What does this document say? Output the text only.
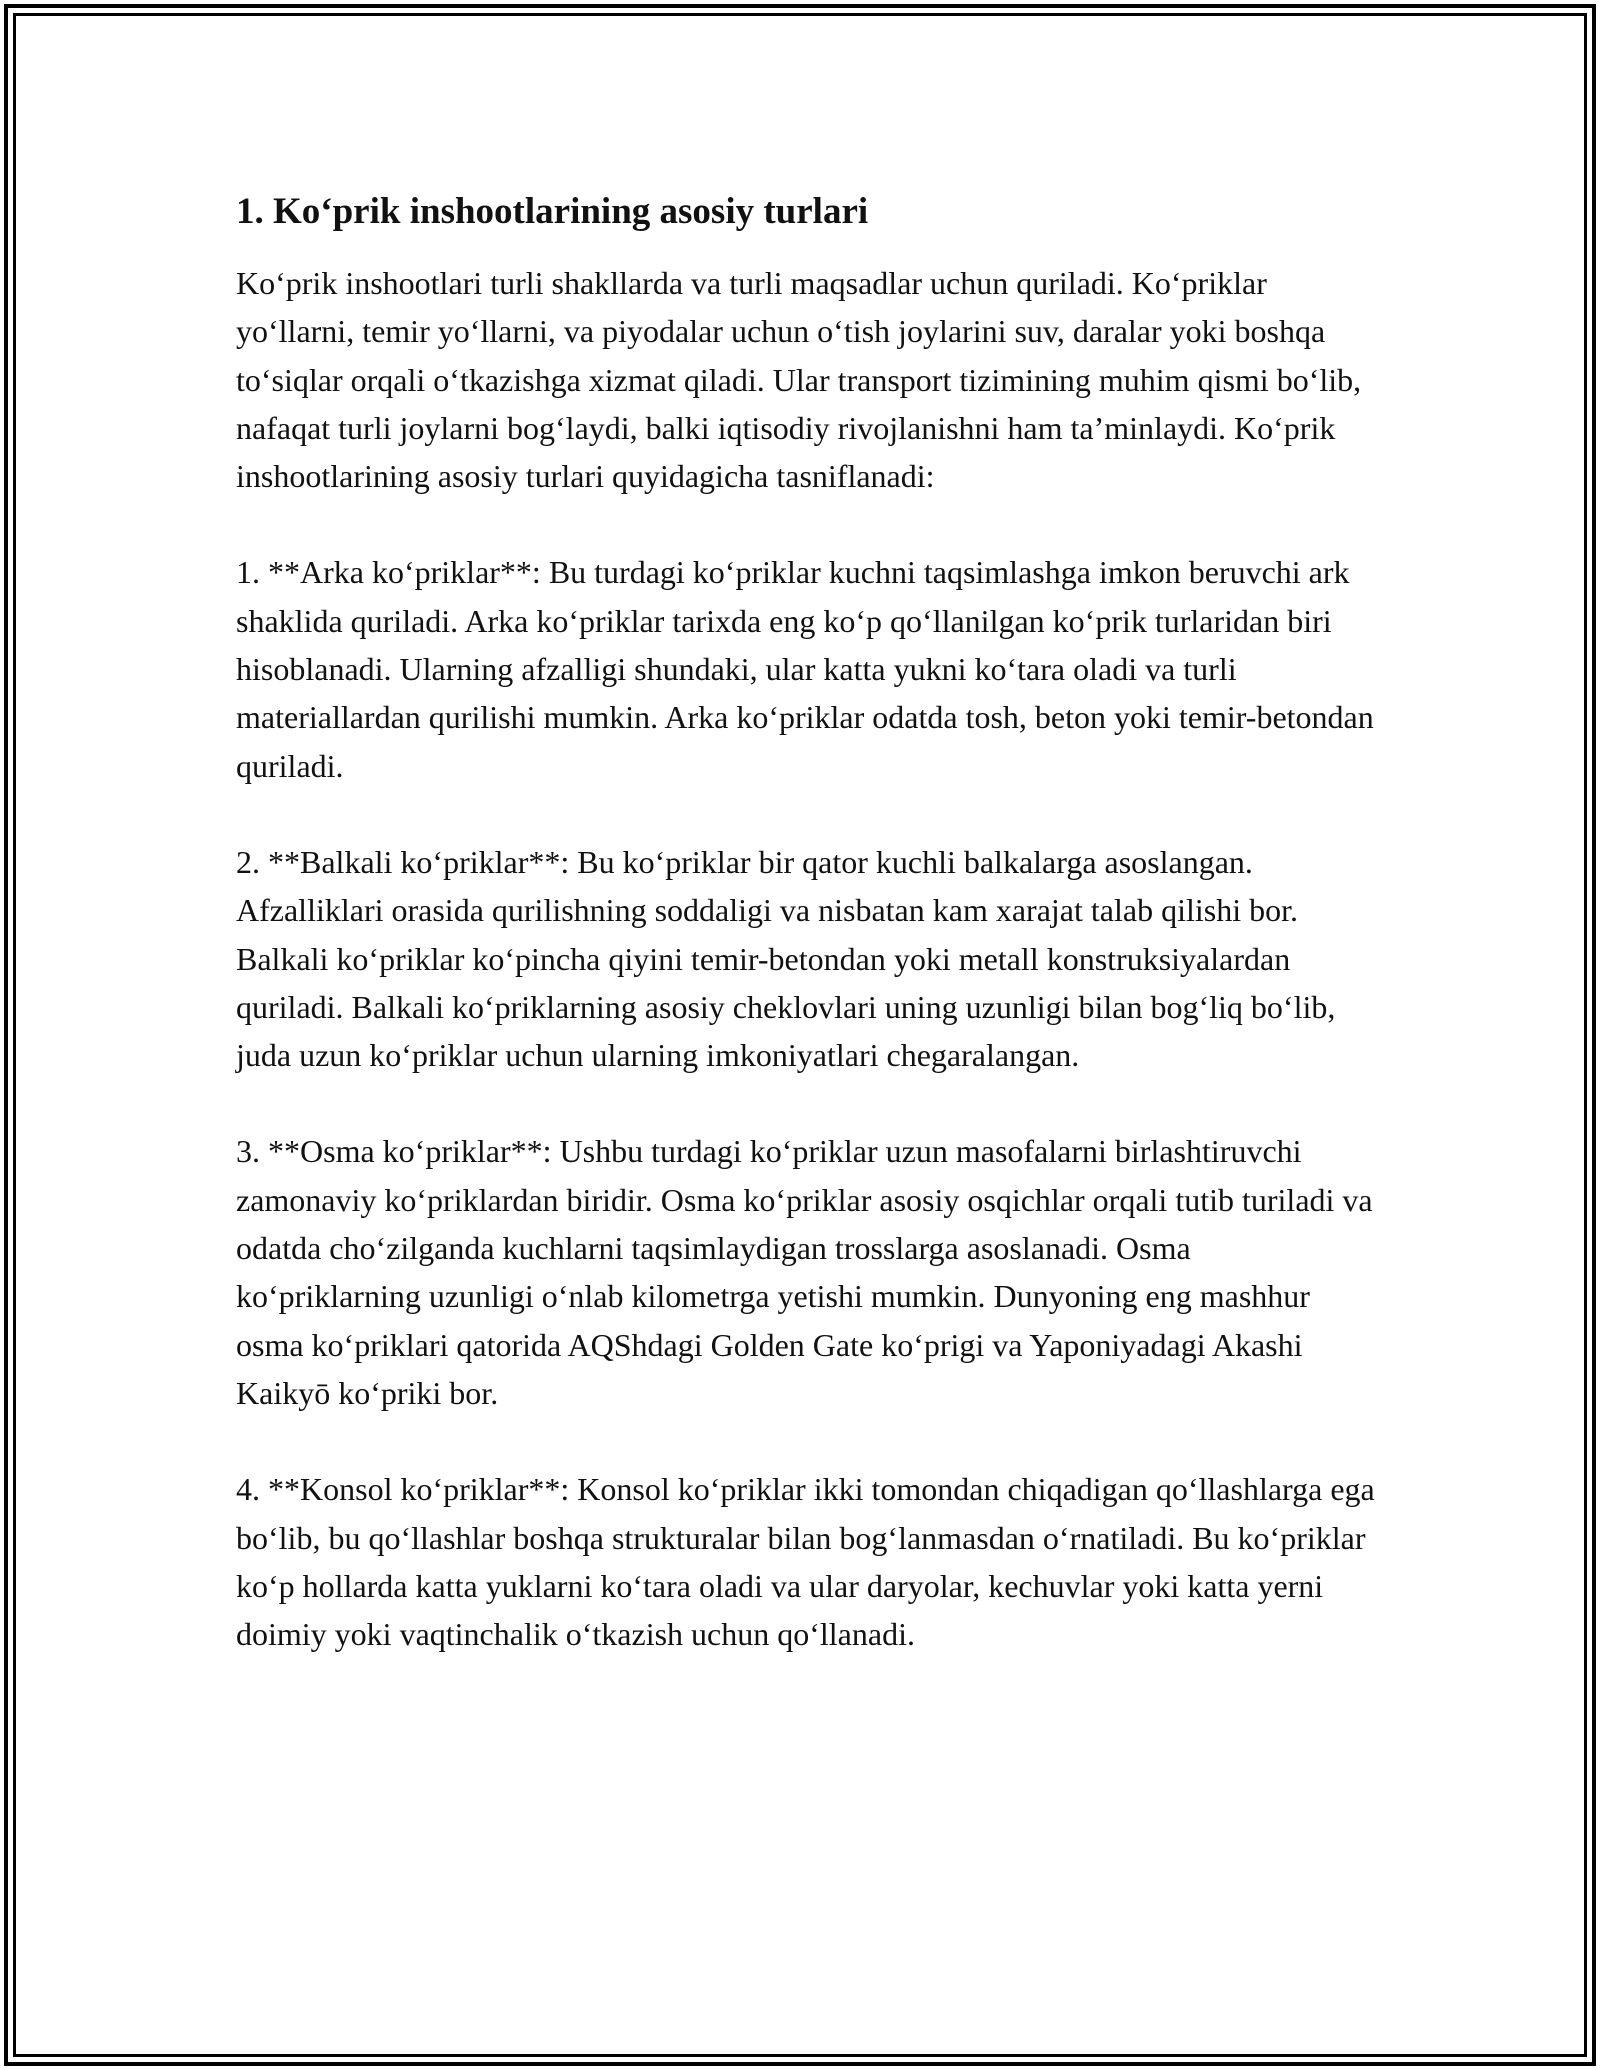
1. Ko‘prik inshootlarining asosiy turlari

Ko‘prik inshootlari turli shakllarda va turli maqsadlar uchun quriladi. Ko‘priklar yo‘llarni, temir yo‘llarni, va piyodalar uchun o‘tish joylarini suv, daralar yoki boshqa to‘siqlar orqali o‘tkazishga xizmat qiladi. Ular transport tizimining muhim qismi bo‘lib, nafaqat turli joylarni bog‘laydi, balki iqtisodiy rivojlanishni ham ta’minlaydi. Ko‘prik inshootlarining asosiy turlari quyidagicha tasniflanadi:

1. **Arka ko‘priklar**: Bu turdagi ko‘priklar kuchni taqsimlashga imkon beruvchi ark shaklida quriladi. Arka ko‘priklar tarixda eng ko‘p qo‘llanilgan ko‘prik turlaridan biri hisoblanadi. Ularning afzalligi shundaki, ular katta yukni ko‘tara oladi va turli materiallardan qurilishi mumkin. Arka ko‘priklar odatda tosh, beton yoki temir-betondan quriladi.

2. **Balkali ko‘priklar**: Bu ko‘priklar bir qator kuchli balkalarga asoslangan. Afzalliklari orasida qurilishning soddaligi va nisbatan kam xarajat talab qilishi bor. Balkali ko‘priklar ko‘pincha qiyini temir-betondan yoki metall konstruksiyalardan quriladi. Balkali ko‘priklarning asosiy cheklovlari uning uzunligi bilan bog‘liq bo‘lib, juda uzun ko‘priklar uchun ularning imkoniyatlari chegaralangan.

3. **Osma ko‘priklar**: Ushbu turdagi ko‘priklar uzun masofalarni birlashtiruvchi zamonaviy ko‘priklardan biridir. Osma ko‘priklar asosiy osqichlar orqali tutib turiladi va odatda cho‘zilganda kuchlarni taqsimlaydigan trosslarga asoslanadi. Osma ko‘priklarning uzunligi o‘nlab kilometrga yetishi mumkin. Dunyoning eng mashhur osma ko‘priklari qatorida AQShdagi Golden Gate ko‘prigi va Yaponiyadagi Akashi Kaikyō ko‘priki bor.

4. **Konsol ko‘priklar**: Konsol ko‘priklar ikki tomondan chiqadigan qo‘llashlarga ega bo‘lib, bu qo‘llashlar boshqa strukturalar bilan bog‘lanmasdan o‘rnatiladi. Bu ko‘priklar ko‘p hollarda katta yuklarni ko‘tara oladi va ular daryolar, kechuvlar yoki katta yerni doimiy yoki vaqtinchalik o‘tkazish uchun qo‘llanadi.
